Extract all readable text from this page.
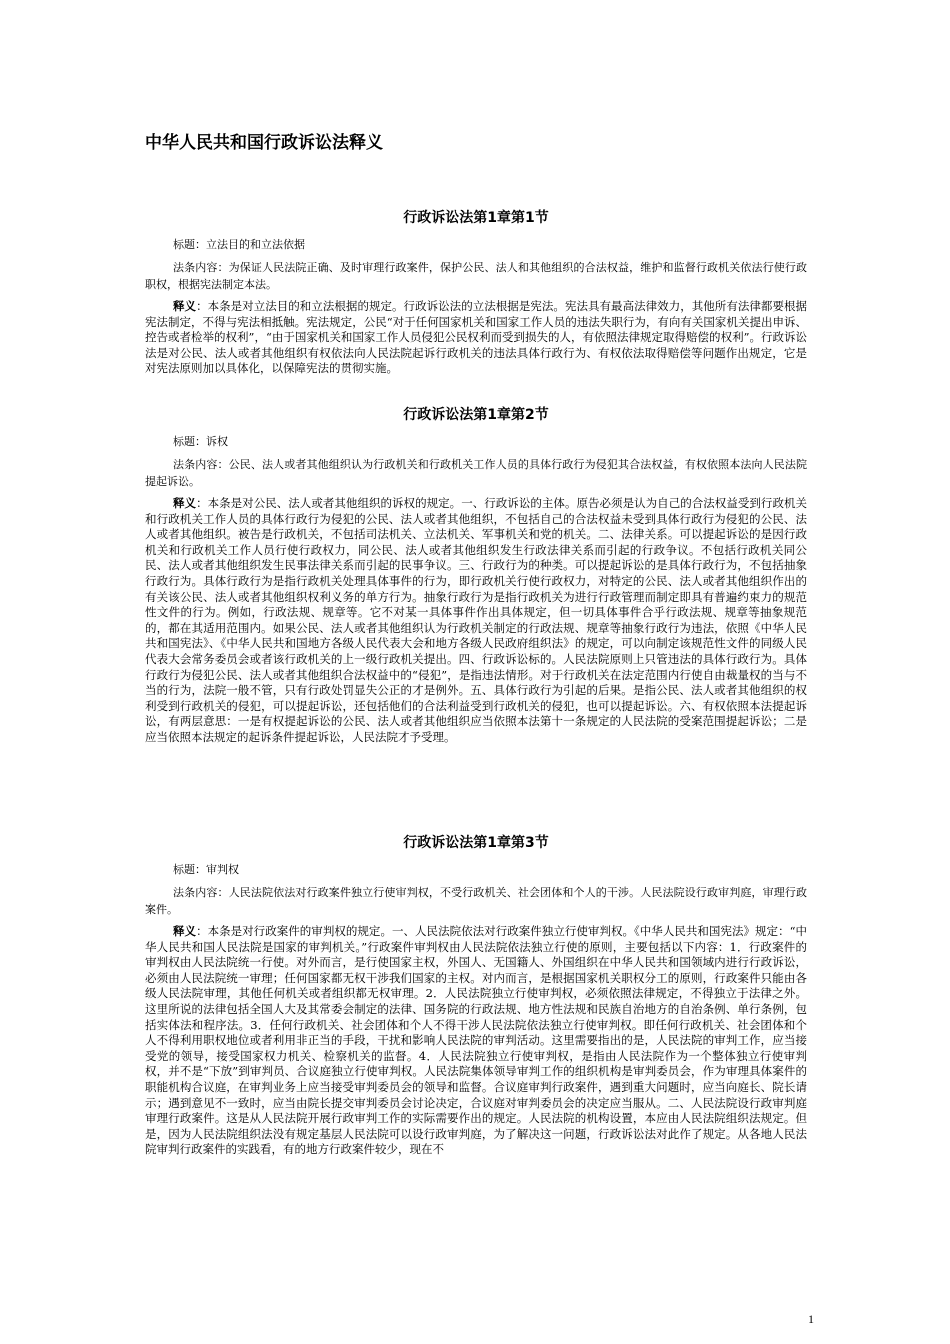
中华人民共和国行政诉讼法释义
行政诉讼法第1章第1节

标题：立法目的和立法依据

法条内容：为保证人民法院正确、及时审理行政案件，保护公民、法人和其他组织的合法权益，维护和监督行政机关依法行使行政职权，根据宪法制定本法。

释义：本条是对立法目的和立法根据的规定。行政诉讼法的立法根据是宪法。宪法具有最高法律效力，其他所有法律都要根据宪法制定，不得与宪法相抵触。宪法规定，公民“对于任何国家机关和国家工作人员的违法失职行为，有向有关国家机关提出申诉、控告或者检举的权利”，“由于国家机关和国家工作人员侵犯公民权利而受到损失的人，有依照法律规定取得赔偿的权利”。行政诉讼法是对公民、法人或者其他组织有权依法向人民法院起诉行政机关的违法具体行政行为、有权依法取得赔偿等问题作出规定，它是对宪法原则加以具体化，以保障宪法的贯彻实施。

行政诉讼法第1章第2节

标题：诉权

法条内容：公民、法人或者其他组织认为行政机关和行政机关工作人员的具体行政行为侵犯其合法权益，有权依照本法向人民法院提起诉讼。

释义：本条是对公民、法人或者其他组织的诉权的规定。一、行政诉讼的主体。原告必须是认为自己的合法权益受到行政机关和行政机关工作人员的具体行政行为侵犯的公民、法人或者其他组织，不包括自己的合法权益未受到具体行政行为侵犯的公民、法人或者其他组织。被告是行政机关，不包括司法机关、立法机关、军事机关和党的机关。二、法律关系。可以提起诉讼的是因行政机关和行政机关工作人员行使行政权力，同公民、法人或者其他组织发生行政法律关系而引起的行政争议。不包括行政机关同公民、法人或者其他组织发生民事法律关系而引起的民事争议。三、行政行为的种类。可以提起诉讼的是具体行政行为，不包括抽象行政行为。具体行政行为是指行政机关处理具体事件的行为，即行政机关行使行政权力，对特定的公民、法人或者其他组织作出的有关该公民、法人或者其他组织权利义务的单方行为。抽象行政行为是指行政机关为进行行政管理而制定即具有普遍约束力的规范性文件的行为。例如，行政法规、规章等。它不对某一具体事件作出具体规定，但一切具体事件合乎行政法规、规章等抽象规范的，都在其适用范围内。如果公民、法人或者其他组织认为行政机关制定的行政法规、规章等抽象行政行为违法，依照《中华人民共和国宪法》、《中华人民共和国地方各级人民代表大会和地方各级人民政府组织法》的规定，可以向制定该规范性文件的同级人民代表大会常务委员会或者该行政机关的上一级行政机关提出。四、行政诉讼标的。人民法院原则上只管违法的具体行政行为。具体行政行为侵犯公民、法人或者其他组织合法权益中的“侵犯”，是指违法情形。对于行政机关在法定范围内行使自由裁量权的当与不当的行为，法院一般不管，只有行政处罚显失公正的才是例外。五、具体行政行为引起的后果。是指公民、法人或者其他组织的权利受到行政机关的侵犯，可以提起诉讼，还包括他们的合法利益受到行政机关的侵犯，也可以提起诉讼。六、有权依照本法提起诉讼，有两层意思：一是有权提起诉讼的公民、法人或者其他组织应当依照本法第十一条规定的人民法院的受案范围提起诉讼；二是应当依照本法规定的起诉条件提起诉讼，人民法院才予受理。

行政诉讼法第1章第3节

标题：审判权

法条内容：人民法院依法对行政案件独立行使审判权，不受行政机关、社会团体和个人的干涉。人民法院设行政审判庭，审理行政案件。

释义：本条是对行政案件的审判权的规定。一、人民法院依法对行政案件独立行使审判权。《中华人民共和国宪法》规定：“中华人民共和国人民法院是国家的审判机关。”行政案件审判权由人民法院依法独立行使的原则，主要包括以下内容：1．行政案件的审判权由人民法院统一行使。对外而言，是行使国家主权，外国人、无国籍人、外国组织在中华人民共和国领域内进行行政诉讼，必须由人民法院统一审理；任何国家都无权干涉我们国家的主权。对内而言，是根据国家机关职权分工的原则，行政案件只能由各级人民法院审理，其他任何机关或者组织都无权审理。2．人民法院独立行使审判权，必须依照法律规定，不得独立于法律之外。这里所说的法律包括全国人大及其常委会制定的法律、国务院的行政法规、地方性法规和民族自治地方的自治条例、单行条例，包括实体法和程序法。3．任何行政机关、社会团体和个人不得干涉人民法院依法独立行使审判权。即任何行政机关、社会团体和个人不得利用职权地位或者利用非正当的手段，干扰和影响人民法院的审判活动。这里需要指出的是，人民法院的审判工作，应当接受党的领导，接受国家权力机关、检察机关的监督。4．人民法院独立行使审判权，是指由人民法院作为一个整体独立行使审判权，并不是“下放”到审判员、合议庭独立行使审判权。人民法院集体领导审判工作的组织机构是审判委员会，作为审理具体案件的职能机构合议庭，在审判业务上应当接受审判委员会的领导和监督。合议庭审判行政案件，遇到重大问题时，应当向庭长、院长请示；遇到意见不一致时，应当由院长提交审判委员会讨论决定，合议庭对审判委员会的决定应当服从。二、人民法院设行政审判庭审理行政案件。这是从人民法院开展行政审判工作的实际需要作出的规定。人民法院的机构设置，本应由人民法院组织法规定。但是，因为人民法院组织法没有规定基层人民法院可以设行政审判庭，为了解决这一问题，行政诉讼法对此作了规定。从各地人民法院审判行政案件的实践看，有的地方行政案件较少，现在不

1
